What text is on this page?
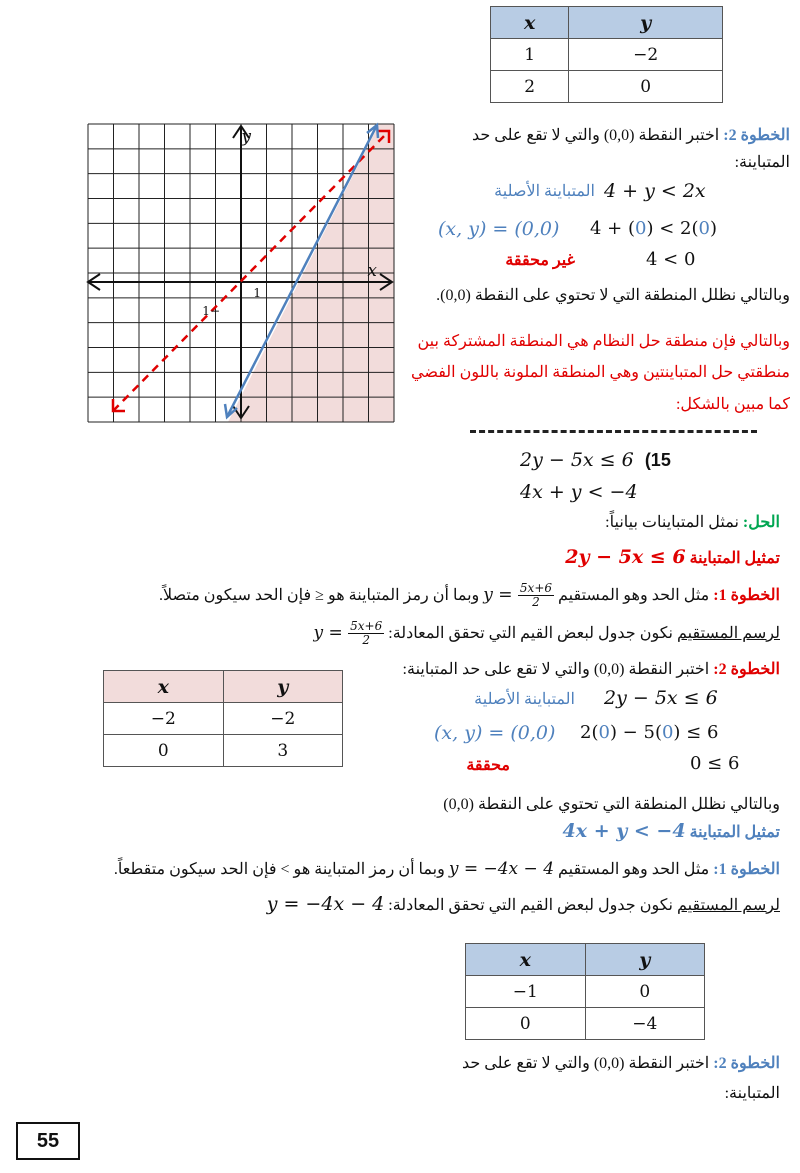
x	y
1	−2
2	0
y
x
1
−1
الخطوة 2: اختبر النقطة (0,0) والتي لا تقع على حد
المتباينة:
المتباينة الأصلية 4 + y < 2x
(x, y) = (0,0) 4 + (0) < 2(0)
غير محققة	4 < 0
وبالتالي نظلل المنطقة التي لا تحتوي على النقطة (0,0).
وبالتالي فإن منطقة حل النظام هي المنطقة المشتركة بين
منطقتي حل المتباينتين وهي المنطقة الملونة باللون الفضي
كما مبين بالشكل:
2y − 5x ≤ 6 (15
4x + y < −4
الحل: نمثل المتباينات بيانياً:
تمثيل المتباينة 2y − 5x ≤ 6
الخطوة 1: مثل الحد وهو المستقيم $y = \frac{5x+6}{2}$
وبما أن رمز المتباينة هو ≤ فإن الحد سيكون متصلاً.
لرسم المستقيم نكون جدول لبعض القيم التي تحقق المعادلة: $y = \frac{5x+6}{2}$
الخطوة 2: اختبر النقطة (0,0) والتي لا تقع على حد المتباينة:
x	y
−2	−2
0	3
المتباينة الأصلية 2y − 5x ≤ 6
(x, y) = (0,0) 2(0) − 5(0) ≤ 6
محققة	0 ≤ 6
وبالتالي نظلل المنطقة التي تحتوي على النقطة (0,0)
تمثيل المتباينة 4x + y < −4
الخطوة 1: مثل الحد وهو المستقيم y = −4x − 4 وبما أن رمز المتباينة هو > فإن الحد سيكون متقطعاً.
لرسم المستقيم نكون جدول لبعض القيم التي تحقق المعادلة: y = −4x − 4
x	y
−1	0
0	−4
الخطوة 2: اختبر النقطة (0,0) والتي لا تقع على حد
المتباينة:
55
